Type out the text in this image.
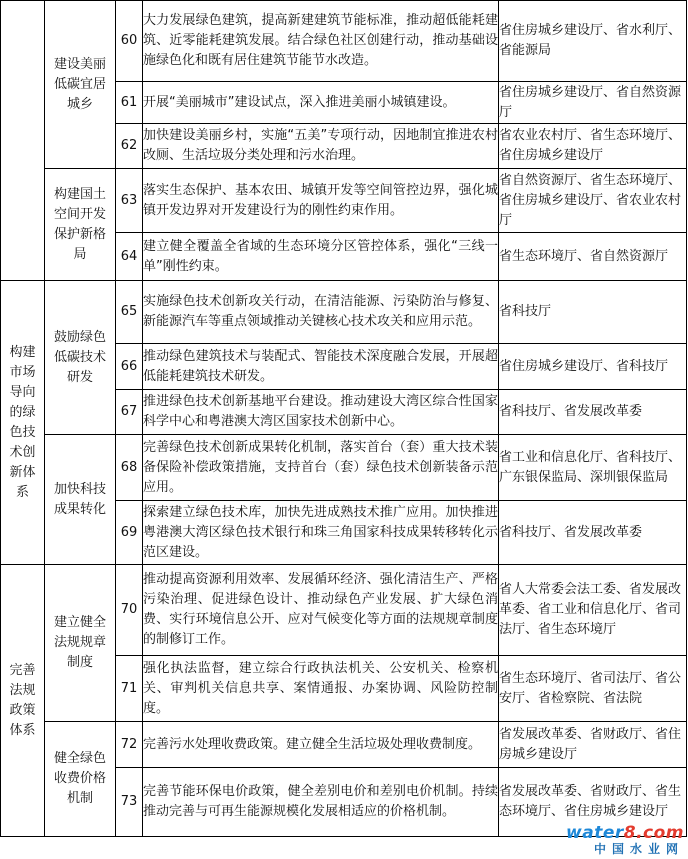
	建设美丽低碳宜居城乡	60	大力发展绿色建筑，提高新建建筑节能标准，推动超低能耗建筑、近零能耗建筑发展。结合绿色社区创建行动，推动基础设施绿色化和既有居住建筑节能节水改造。	省住房城乡建设厅、省水利厅、省能源局
		61	开展“美丽城市”建设试点，深入推进美丽小城镇建设。	省住房城乡建设厅、省自然资源厅
		62	加快建设美丽乡村，实施“五美”专项行动，因地制宜推进农村改厕、生活垃圾分类处理和污水治理。	省农业农村厅、省生态环境厅、省住房城乡建设厅
	构建国土空间开发保护新格局	63	落实生态保护、基本农田、城镇开发等空间管控边界，强化城镇开发边界对开发建设行为的刚性约束作用。	省自然资源厅、省生态环境厅、省住房城乡建设厅、省农业农村厅
		64	建立健全覆盖全省域的生态环境分区管控体系，强化“三线一单”刚性约束。	省生态环境厅、省自然资源厅
构建市场导向的绿色技术创新体系	鼓励绿色低碳技术研发	65	实施绿色技术创新攻关行动，在清洁能源、污染防治与修复、新能源汽车等重点领域推动关键核心技术攻关和应用示范。	省科技厅
		66	推动绿色建筑技术与装配式、智能技术深度融合发展，开展超低能耗建筑技术研发。	省住房城乡建设厅、省科技厅
		67	推进绿色技术创新基地平台建设。推动建设大湾区综合性国家科学中心和粤港澳大湾区国家技术创新中心。	省科技厅、省发展改革委
	加快科技成果转化	68	完善绿色技术创新成果转化机制，落实首台（套）重大技术装备保险补偿政策措施，支持首台（套）绿色技术创新装备示范应用。	省工业和信息化厅、省科技厅、广东银保监局、深圳银保监局
		69	探索建立绿色技术库，加快先进成熟技术推广应用。加快推进粤港澳大湾区绿色技术银行和珠三角国家科技成果转移转化示范区建设。	省科技厅、省发展改革委
完善法规政策体系	建立健全法规规章制度	70	推动提高资源利用效率、发展循环经济、强化清洁生产、严格污染治理、促进绿色设计、推动绿色产业发展、扩大绿色消费、实行环境信息公开、应对气候变化等方面的法规规章制度的制修订工作。	省人大常委会法工委、省发展改革委、省工业和信息化厅、省司法厅、省生态环境厅
		71	强化执法监督，建立综合行政执法机关、公安机关、检察机关、审判机关信息共享、案情通报、办案协调、风险防控制度。	省生态环境厅、省司法厅、省公安厅、省检察院、省法院
	健全绿色收费价格机制	72	完善污水处理收费政策。建立健全生活垃圾处理收费制度。	省发展改革委、省财政厅、省住房城乡建设厅
		73	完善节能环保电价政策，健全差别电价和差别电价机制。持续推动完善与可再生能源规模化发展相适应的价格机制。	省发展改革委、省财政厅、省生态环境厅、省住房城乡建设厅
water8.com
中国水业网
